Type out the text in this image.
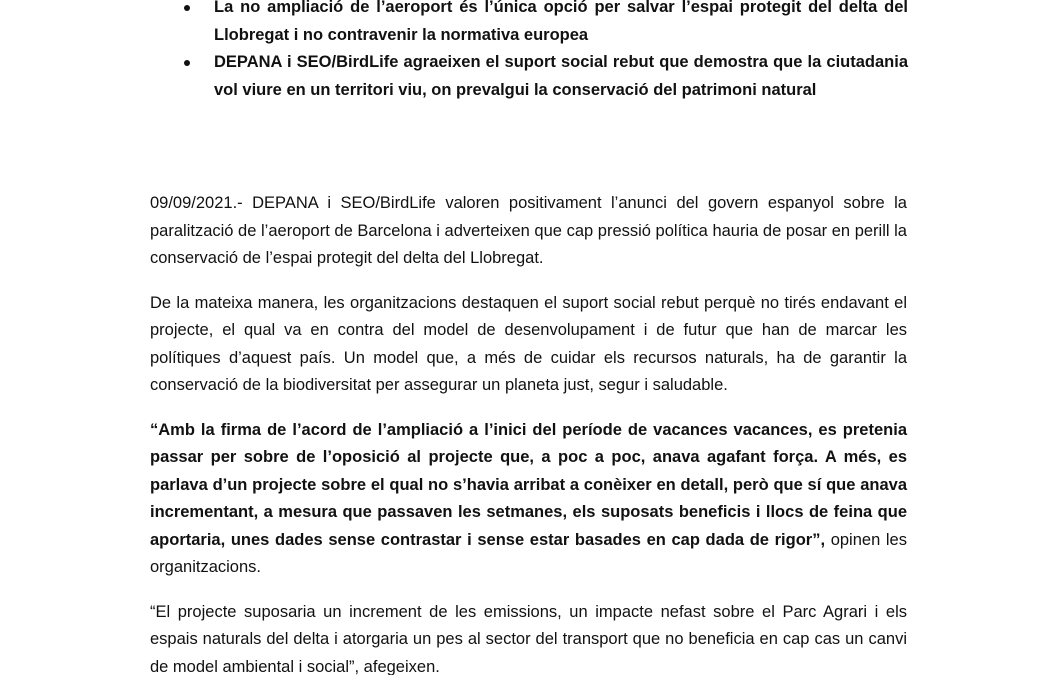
La no ampliació de l’aeroport és l’única opció per salvar l’espai protegit del delta del Llobregat i no contravenir la normativa europea
DEPANA i SEO/BirdLife agraeixen el suport social rebut que demostra que la ciutadania vol viure en un territori viu, on prevalgui la conservació del patrimoni natural

09/09/2021.- DEPANA i SEO/BirdLife valoren positivament l’anunci del govern espanyol sobre la paralització de l’aeroport de Barcelona i adverteixen que cap pressió política hauria de posar en perill la conservació de l’espai protegit del delta del Llobregat.

De la mateixa manera, les organitzacions destaquen el suport social rebut perquè no tirés endavant el projecte, el qual va en contra del model de desenvolupament i de futur que han de marcar les polítiques d’aquest país. Un model que, a més de cuidar els recursos naturals, ha de garantir la conservació de la biodiversitat per assegurar un planeta just, segur i saludable.

“Amb la firma de l’acord de l’ampliació a l’inici del període de vacances vacances, es pretenia passar per sobre de l’oposició al projecte que, a poc a poc, anava agafant força. A més, es parlava d’un projecte sobre el qual no s’havia arribat a conèixer en detall, però que sí que anava incrementant, a mesura que passaven les setmanes, els suposats beneficis i llocs de feina que aportaria, unes dades sense contrastar i sense estar basades en cap dada de rigor”, opinen les organitzacions.

“El projecte suposaria un increment de les emissions, un impacte nefast sobre el Parc Agrari i els espais naturals del delta i atorgaria un pes al sector del transport que no beneficia en cap cas un canvi de model ambiental i social”, afegeixen.
